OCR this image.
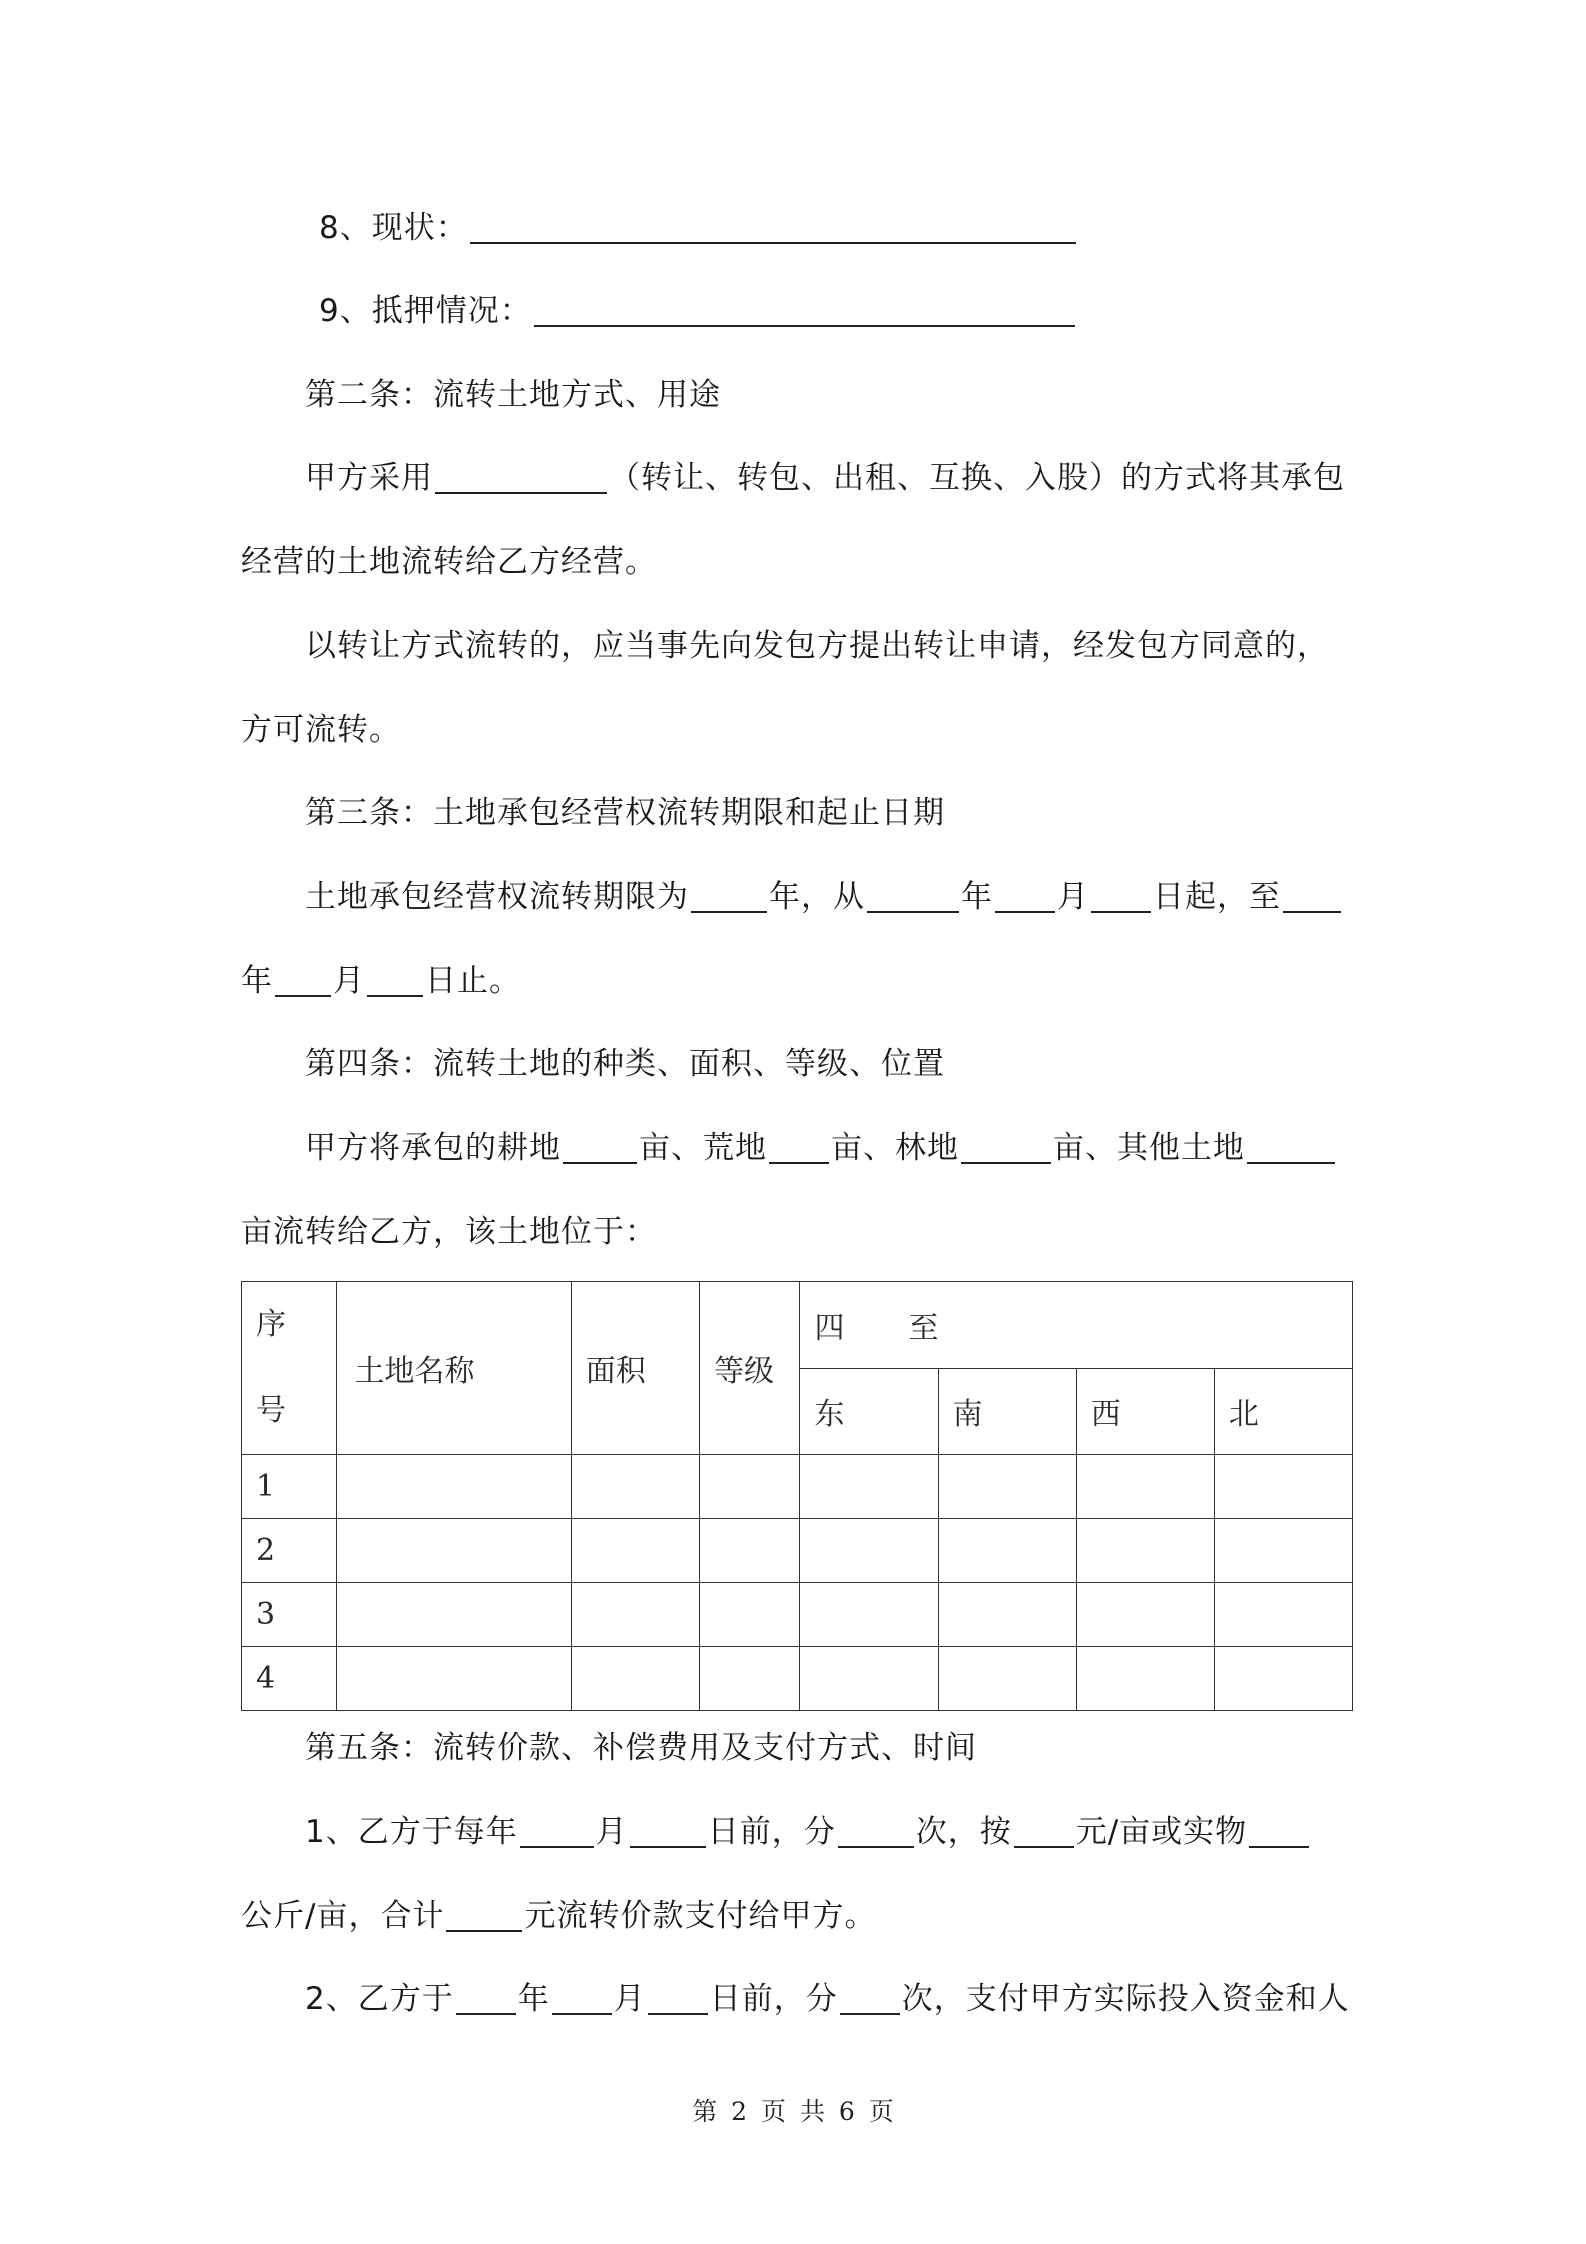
8、现状：
9、抵押情况：
第二条：流转土地方式、用途
甲方采用	（转让、转包、出租、互换、入股）的方式将其承包
经营的土地流转给乙方经营。
以转让方式流转的，应当事先向发包方提出转让申请，经发包方同意的，
方可流转。
第三条：土地承包经营权流转期限和起止日期
土地承包经营权流转期限为	年，从	年 月 日起，至
年 月 日止。
第四条：流转土地的种类、面积、等级、位置
甲方将承包的耕地	亩、荒地 亩、林地	亩、其他土地
亩流转给乙方，该土地位于：
序
号	土地名称	面积	等级	四 至			
				东	南	西	北
1							
2							
3							
4							
第五条：流转价款、补偿费用及支付方式、时间
1、乙方于每年	月	日前，分	次，按 元/亩或实物
公斤/亩，合计	元流转价款支付给甲方。
2、乙方于 年 月 日前，分 次，支付甲方实际投入资金和人
第 2 页 共 6 页
